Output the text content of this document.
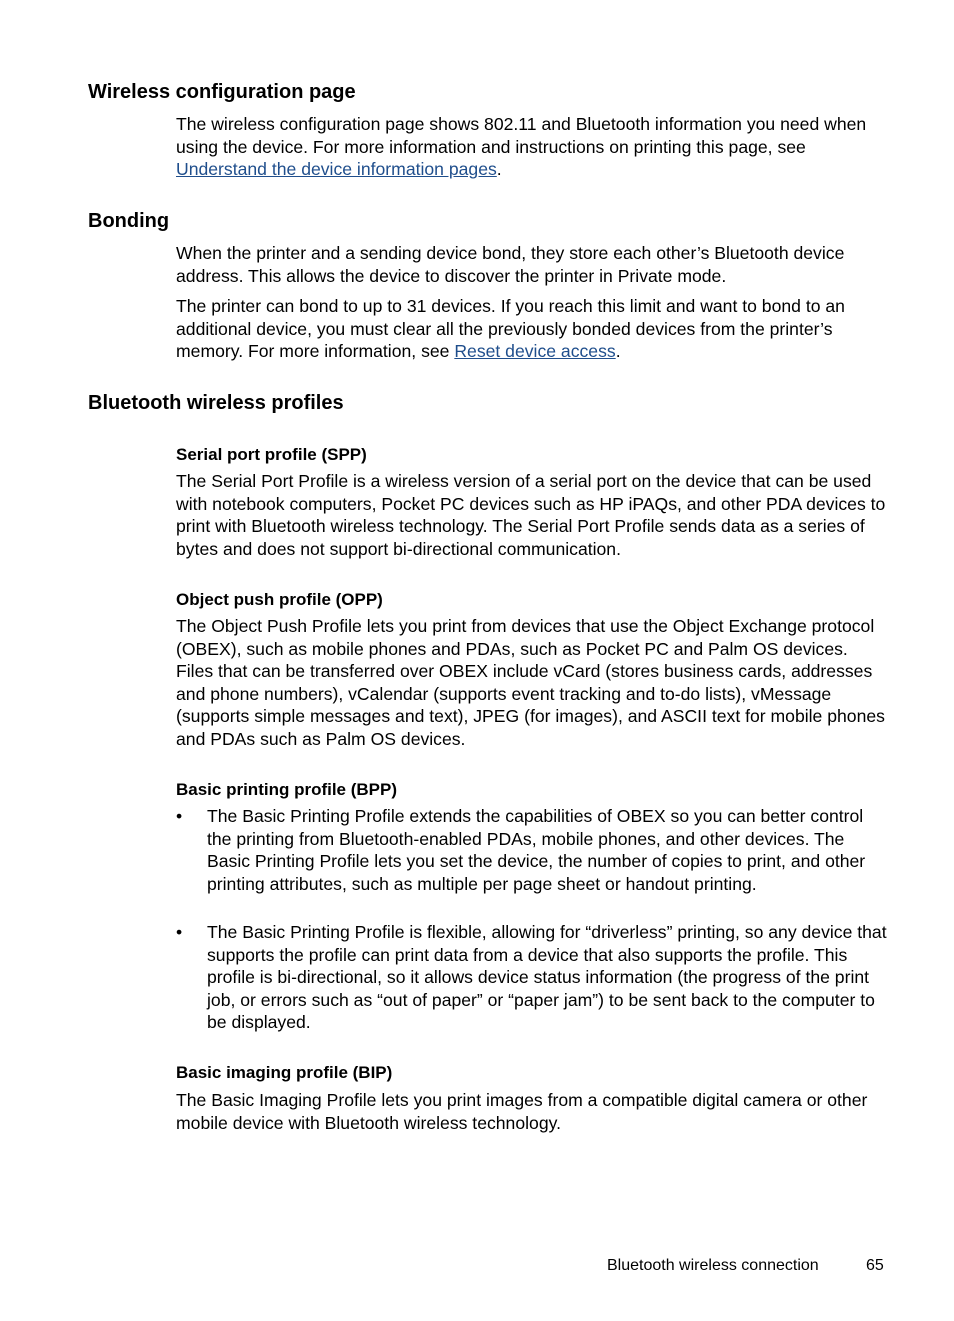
Wireless configuration page

The wireless configuration page shows 802.11 and Bluetooth information you need when using the device. For more information and instructions on printing this page, see Understand the device information pages.

Bonding

When the printer and a sending device bond, they store each other’s Bluetooth device address. This allows the device to discover the printer in Private mode.

The printer can bond to up to 31 devices. If you reach this limit and want to bond to an additional device, you must clear all the previously bonded devices from the printer’s memory. For more information, see Reset device access.

Bluetooth wireless profiles
Serial port profile (SPP)

The Serial Port Profile is a wireless version of a serial port on the device that can be used with notebook computers, Pocket PC devices such as HP iPAQs, and other PDA devices to print with Bluetooth wireless technology. The Serial Port Profile sends data as a series of bytes and does not support bi-directional communication.

Object push profile (OPP)

The Object Push Profile lets you print from devices that use the Object Exchange protocol (OBEX), such as mobile phones and PDAs, such as Pocket PC and Palm OS devices. Files that can be transferred over OBEX include vCard (stores business cards, addresses and phone numbers), vCalendar (supports event tracking and to-do lists), vMessage (supports simple messages and text), JPEG (for images), and ASCII text for mobile phones and PDAs such as Palm OS devices.

Basic printing profile (BPP)
• The Basic Printing Profile extends the capabilities of OBEX so you can better control the printing from Bluetooth-enabled PDAs, mobile phones, and other devices. The Basic Printing Profile lets you set the device, the number of copies to print, and other printing attributes, such as multiple per page sheet or handout printing.
• The Basic Printing Profile is flexible, allowing for “driverless” printing, so any device that supports the profile can print data from a device that also supports the profile. This profile is bi-directional, so it allows device status information (the progress of the print job, or errors such as “out of paper” or “paper jam”) to be sent back to the computer to be displayed.
Basic imaging profile (BIP)

The Basic Imaging Profile lets you print images from a compatible digital camera or other mobile device with Bluetooth wireless technology.

Bluetooth wireless connection	65
